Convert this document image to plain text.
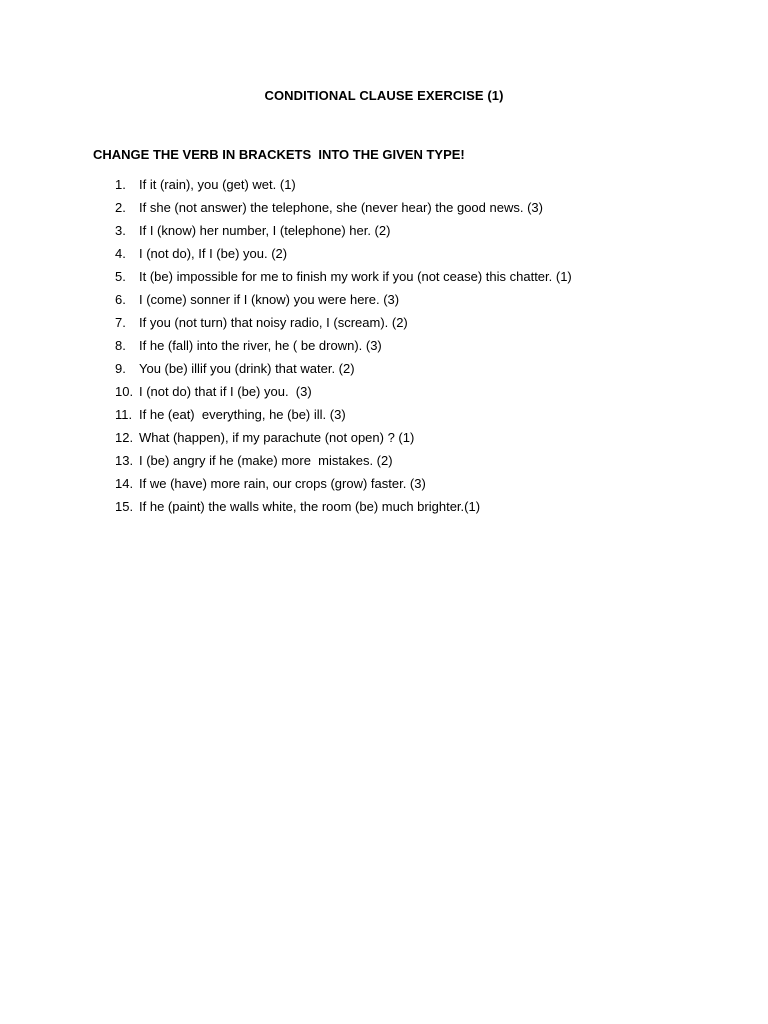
CONDITIONAL CLAUSE EXERCISE (1)
CHANGE THE VERB IN BRACKETS  INTO THE GIVEN TYPE!
1. If it (rain), you (get) wet. (1)
2. If she (not answer) the telephone, she (never hear) the good news. (3)
3. If I (know) her number, I (telephone) her. (2)
4. I (not do), If I (be) you. (2)
5. It (be) impossible for me to finish my work if you (not cease) this chatter. (1)
6. I (come) sonner if I (know) you were here. (3)
7. If you (not turn) that noisy radio, I (scream). (2)
8. If he (fall) into the river, he ( be drown). (3)
9. You (be) illif you (drink) that water. (2)
10. I (not do) that if I (be) you.  (3)
11. If he (eat)  everything, he (be) ill. (3)
12. What (happen), if my parachute (not open) ? (1)
13. I (be) angry if he (make) more  mistakes. (2)
14. If we (have) more rain, our crops (grow) faster. (3)
15. If he (paint) the walls white, the room (be) much brighter.(1)
